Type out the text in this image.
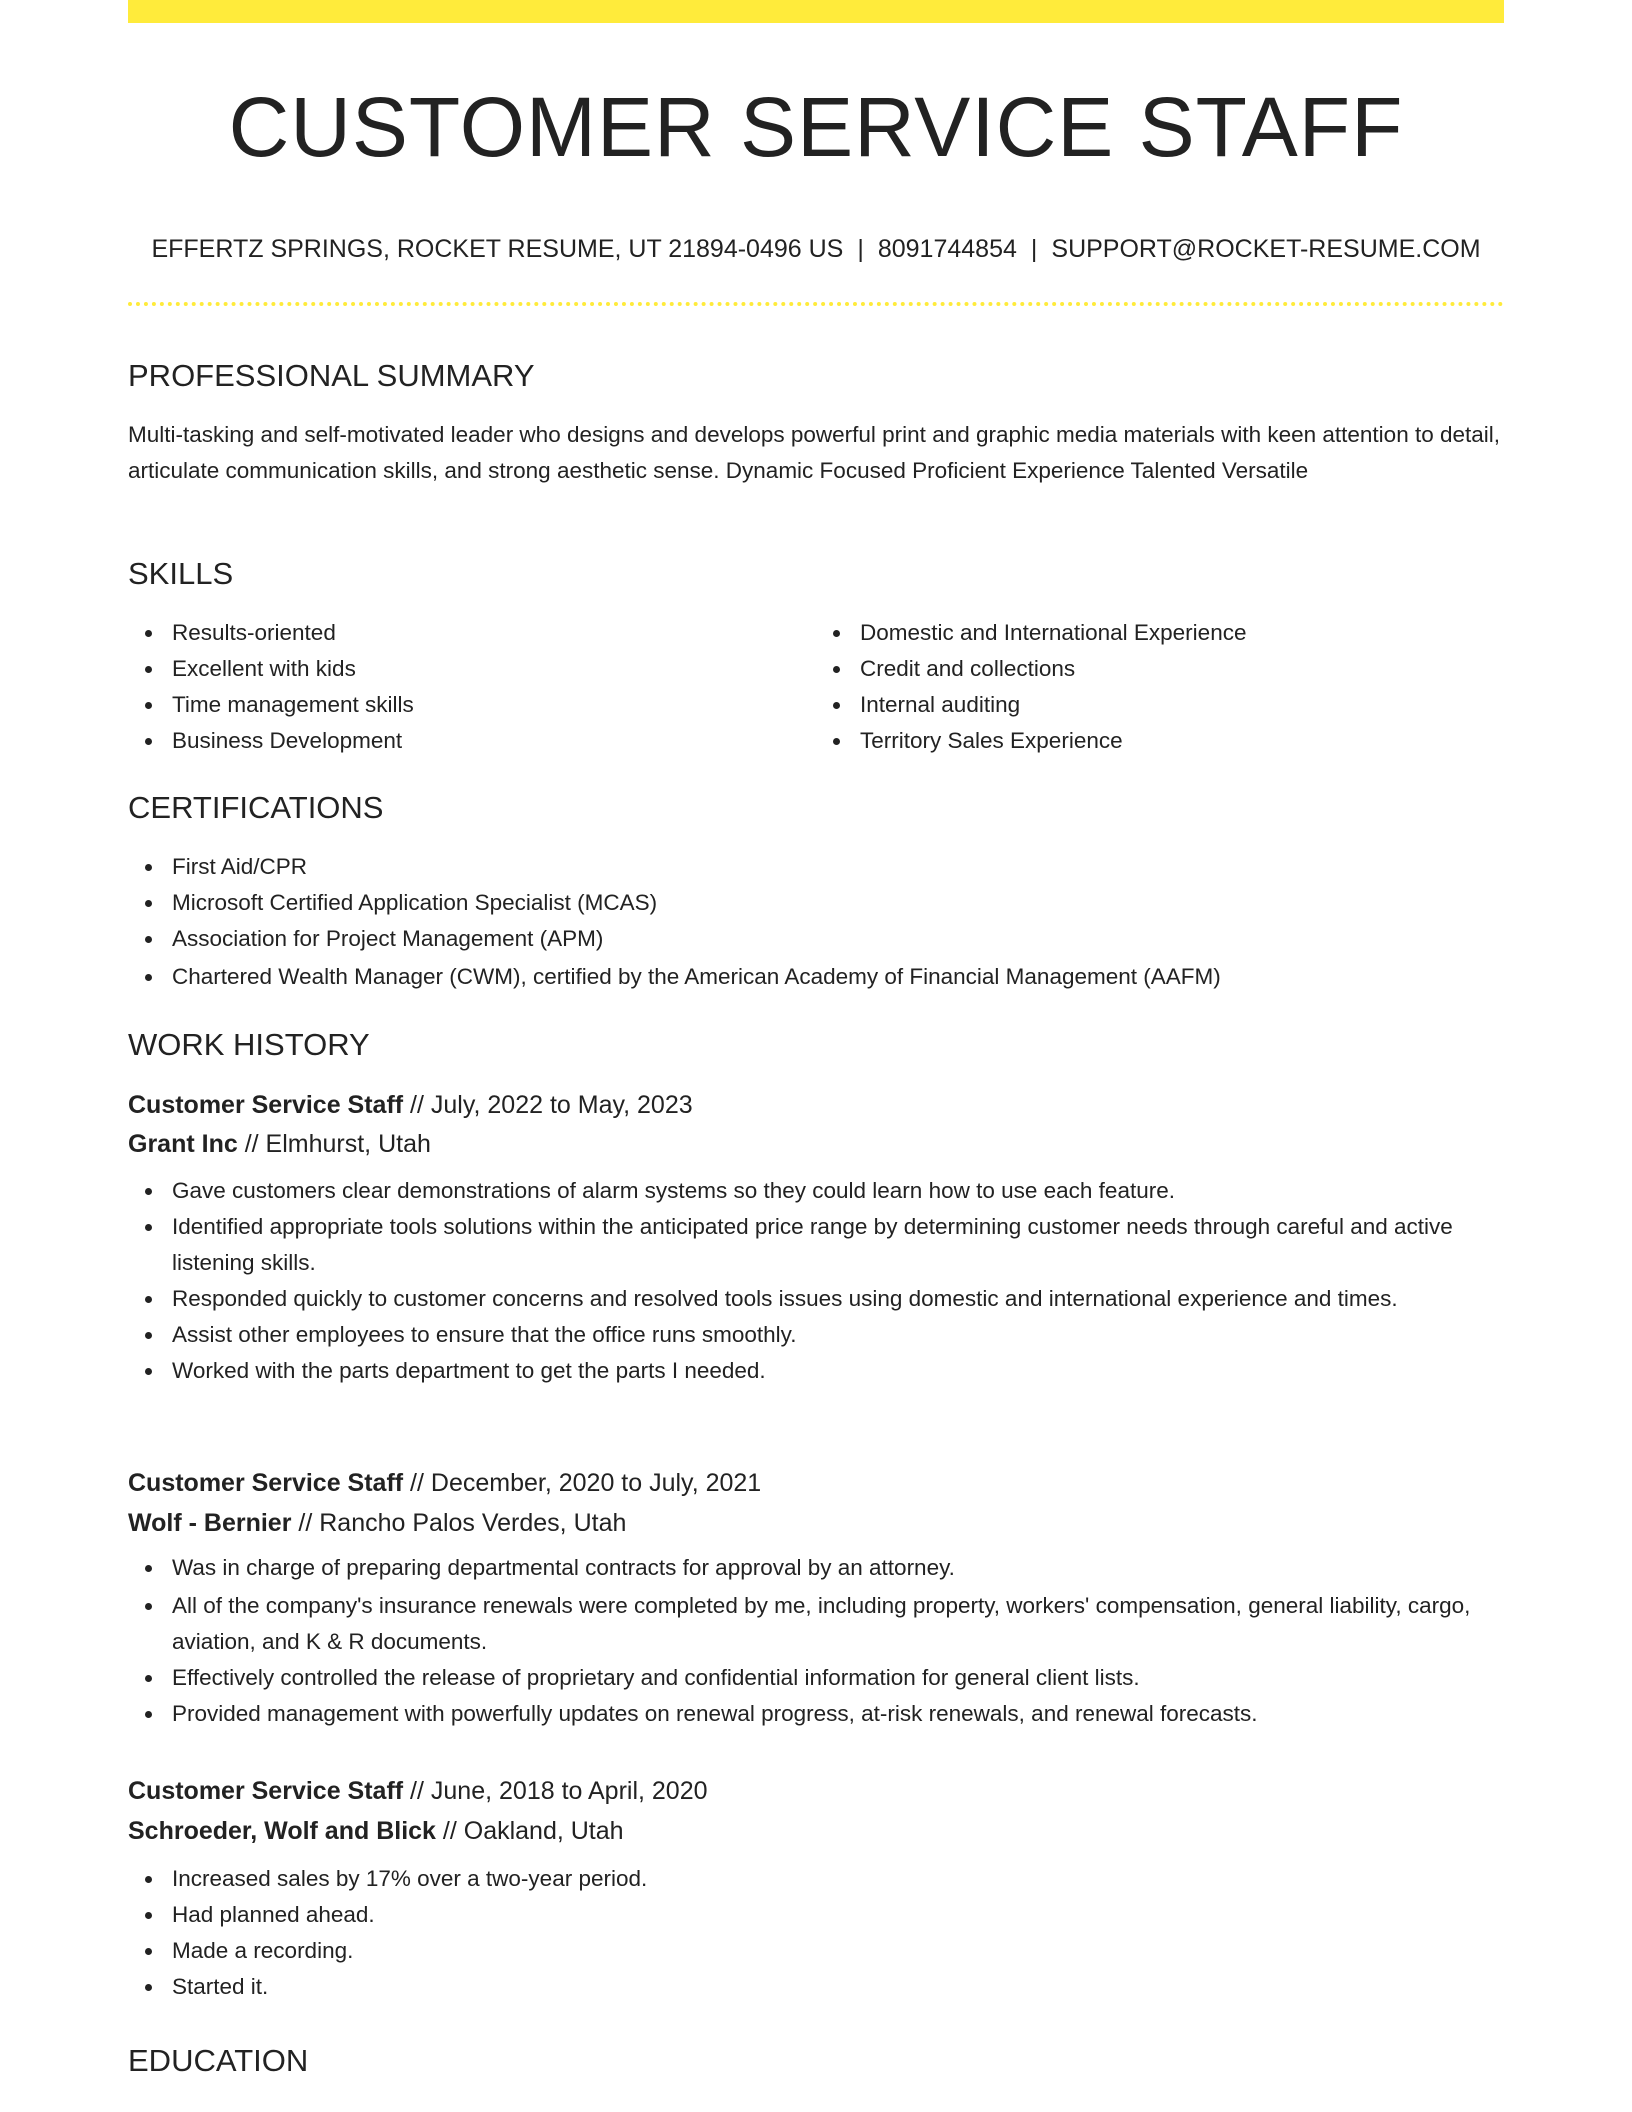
CUSTOMER SERVICE STAFF
EFFERTZ SPRINGS, ROCKET RESUME, UT 21894-0496 US | 8091744854 | SUPPORT@ROCKET-RESUME.COM
PROFESSIONAL SUMMARY
Multi-tasking and self-motivated leader who designs and develops powerful print and graphic media materials with keen attention to detail, articulate communication skills, and strong aesthetic sense. Dynamic Focused Proficient Experience Talented Versatile
SKILLS
Results-oriented
Excellent with kids
Time management skills
Business Development
Domestic and International Experience
Credit and collections
Internal auditing
Territory Sales Experience
CERTIFICATIONS
First Aid/CPR
Microsoft Certified Application Specialist (MCAS)
Association for Project Management (APM)
Chartered Wealth Manager (CWM), certified by the American Academy of Financial Management (AAFM)
WORK HISTORY
Customer Service Staff // July, 2022 to May, 2023
Grant Inc // Elmhurst, Utah
Gave customers clear demonstrations of alarm systems so they could learn how to use each feature.
Identified appropriate tools solutions within the anticipated price range by determining customer needs through careful and active listening skills.
Responded quickly to customer concerns and resolved tools issues using domestic and international experience and times.
Assist other employees to ensure that the office runs smoothly.
Worked with the parts department to get the parts I needed.
Customer Service Staff // December, 2020 to July, 2021
Wolf - Bernier // Rancho Palos Verdes, Utah
Was in charge of preparing departmental contracts for approval by an attorney.
All of the company's insurance renewals were completed by me, including property, workers' compensation, general liability, cargo, aviation, and K & R documents.
Effectively controlled the release of proprietary and confidential information for general client lists.
Provided management with powerfully updates on renewal progress, at-risk renewals, and renewal forecasts.
Customer Service Staff // June, 2018 to April, 2020
Schroeder, Wolf and Blick // Oakland, Utah
Increased sales by 17% over a two-year period.
Had planned ahead.
Made a recording.
Started it.
EDUCATION
